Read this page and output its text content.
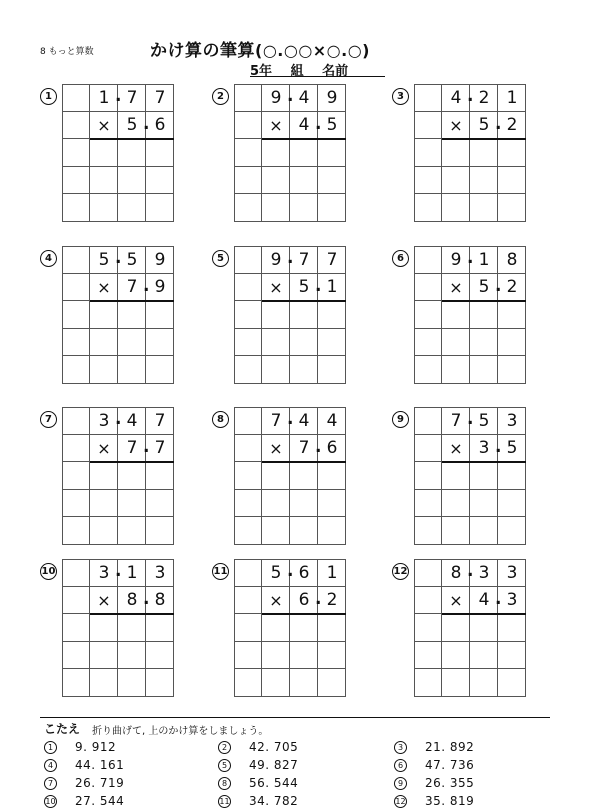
8 もっと算数	かけ算の筆算(○.○○×○.○)
5年 組 名前
1	1	7	7
.
× 5	6
.
2	9	4	9
.
× 4	5
.
3	4	2	1
.
× 5	2
.
4	5	5	9
.
× 7	9
.
5	9	7	7
.
× 5	1
.
6	9	1	8
.
× 5	2
.
7	3	4	7
.
× 7	7
.
8	7	4	4
.
× 7	6
.
9	7	5	3
.
× 3	5
.
10	3	1	3
.
× 8	8
.
11	5	6	1
.
× 6	2
.
12	8	3	3
.
× 4	3
.
こたえ 折り曲げて, 上のかけ算をしましょう。
1	9. 912	2	42. 705	3	21. 892
4	44. 161	5	49. 827	6	47. 736
7	26. 719	8	56. 544	9	26. 355
10 27. 544	11 34. 782	12 35. 819
